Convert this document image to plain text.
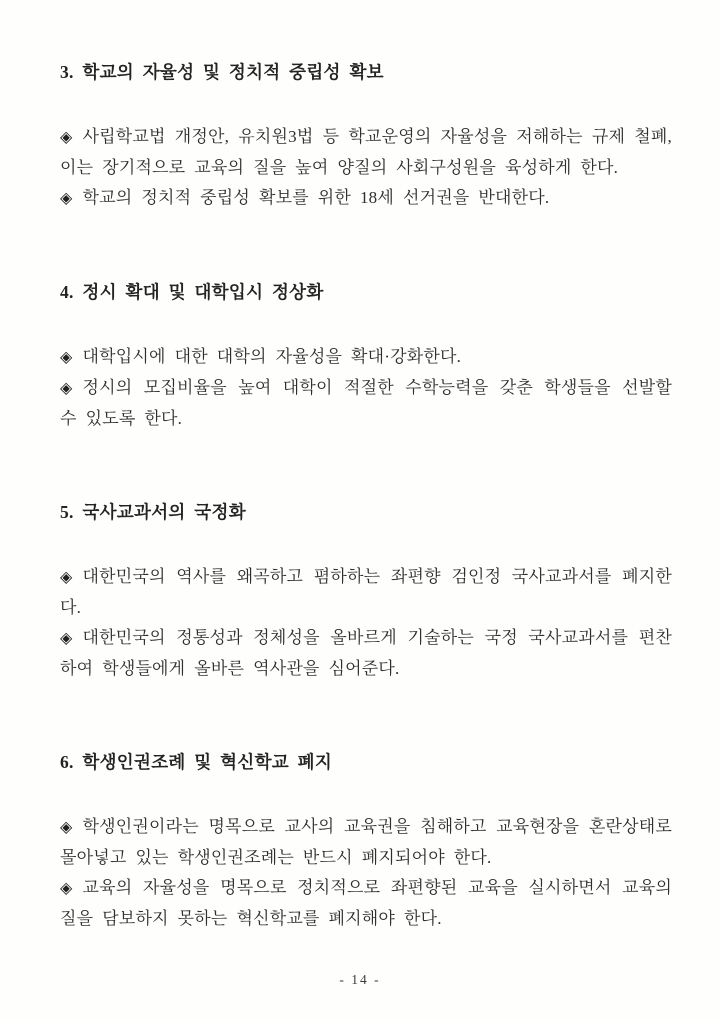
3. 학교의 자율성 및 정치적 중립성 확보

◈ 사립학교법 개정안, 유치원3법 등 학교운영의 자율성을 저해하는 규제 철폐, 이는 장기적으로 교육의 질을 높여 양질의 사회구성원을 육성하게 한다.

◈ 학교의 정치적 중립성 확보를 위한 18세 선거권을 반대한다.

4. 정시 확대 및 대학입시 정상화

◈ 대학입시에 대한 대학의 자율성을 확대·강화한다.

◈ 정시의 모집비율을 높여 대학이 적절한 수학능력을 갖춘 학생들을 선발할 수 있도록 한다.

5. 국사교과서의 국정화

◈ 대한민국의 역사를 왜곡하고 폄하하는 좌편향 검인정 국사교과서를 폐지한다.

◈ 대한민국의 정통성과 정체성을 올바르게 기술하는 국정 국사교과서를 편찬하여 학생들에게 올바른 역사관을 심어준다.

6. 학생인권조례 및 혁신학교 폐지

◈ 학생인권이라는 명목으로 교사의 교육권을 침해하고 교육현장을 혼란상태로 몰아넣고 있는 학생인권조례는 반드시 폐지되어야 한다.

◈ 교육의 자율성을 명목으로 정치적으로 좌편향된 교육을 실시하면서 교육의 질을 담보하지 못하는 혁신학교를 폐지해야 한다.

- 14 -
